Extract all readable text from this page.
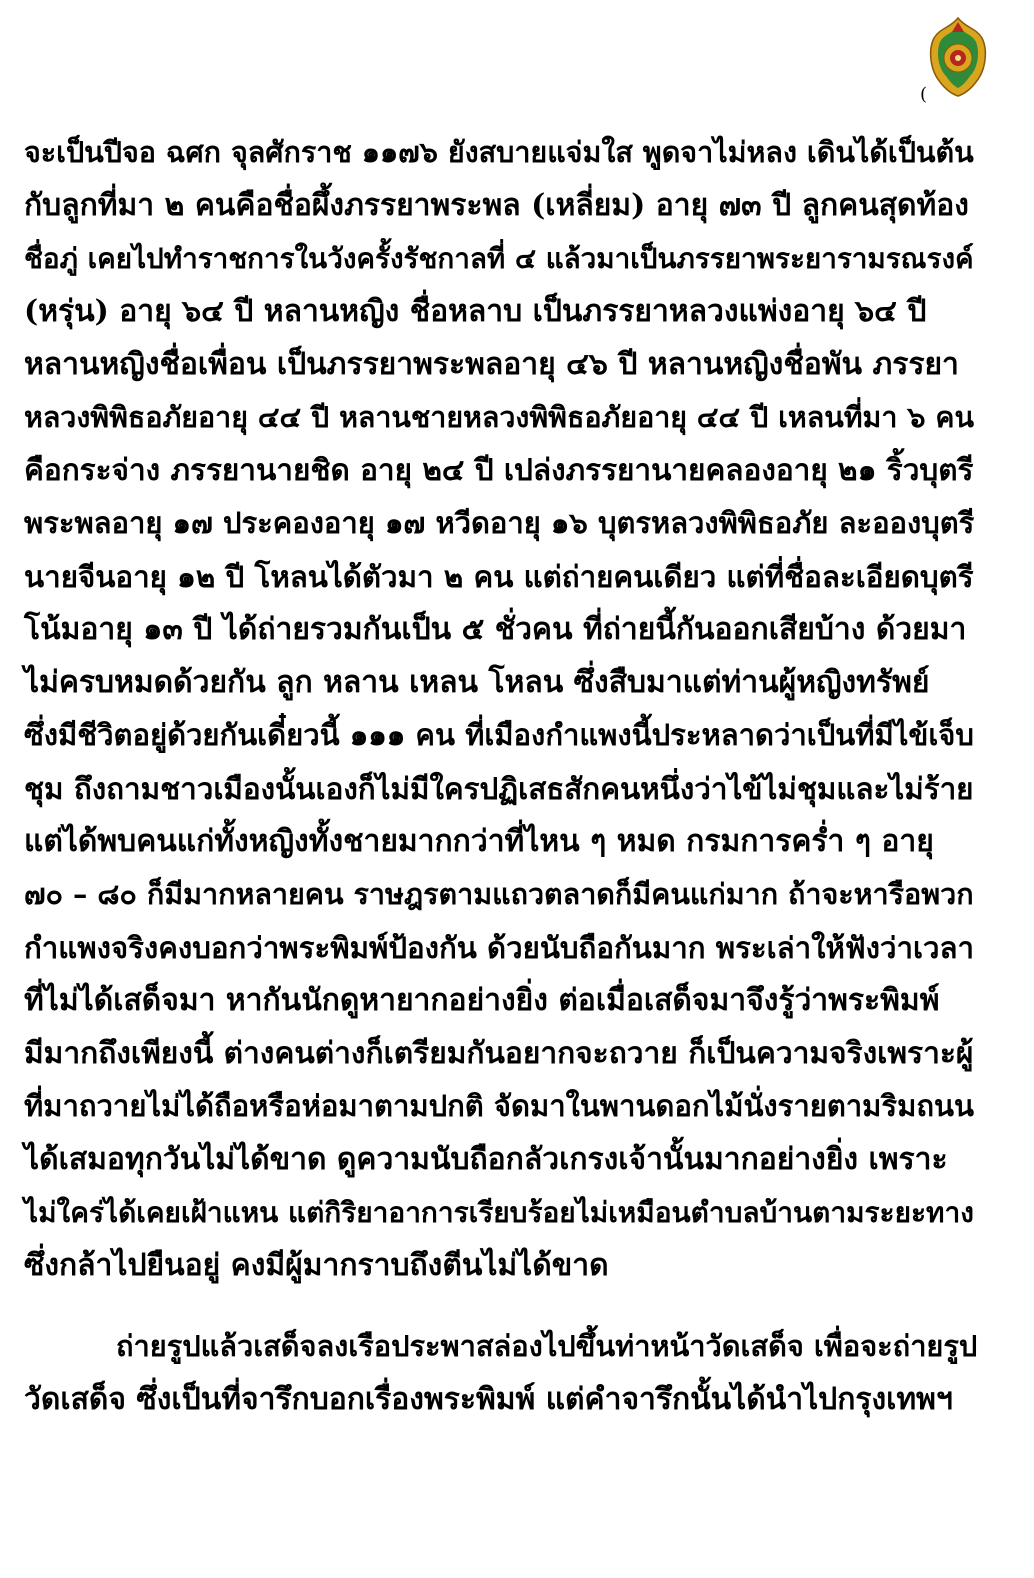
(
จะเป็นปีจอ ฉศก จุลศักราช ๑๑๗๖ ยังสบายแจ่มใส พูดจาไม่หลง เดินได้เป็นต้น
กับลูกที่มา ๒ คนคือชื่อผึ้งภรรยาพระพล (เหลี่ยม) อายุ ๗๓ ปี ลูกคนสุดท้อง
ชื่อภู่ เคยไปทำราชการในวังครั้งรัชกาลที่ ๔ แล้วมาเป็นภรรยาพระยารามรณรงค์
(หรุ่น) อายุ ๖๔ ปี หลานหญิง ชื่อหลาบ เป็นภรรยาหลวงแพ่งอายุ ๖๔ ปี
หลานหญิงชื่อเพื่อน เป็นภรรยาพระพลอายุ ๔๖ ปี หลานหญิงชื่อพัน ภรรยา
หลวงพิพิธอภัยอายุ ๔๔ ปี หลานชายหลวงพิพิธอภัยอายุ ๔๔ ปี เหลนที่มา ๖ คน
คือกระจ่าง ภรรยานายชิด อายุ ๒๔ ปี เปล่งภรรยานายคลองอายุ ๒๑ ริ้วบุตรี
พระพลอายุ ๑๗ ประคองอายุ ๑๗ หวีดอายุ ๑๖ บุตรหลวงพิพิธอภัย ละอองบุตรี
นายจีนอายุ ๑๒ ปี โหลนได้ตัวมา ๒ คน แต่ถ่ายคนเดียว แต่ที่ชื่อละเอียดบุตรี
โน้มอายุ ๑๓ ปี ได้ถ่ายรวมกันเป็น ๕ ชั่วคน ที่ถ่ายนี้กันออกเสียบ้าง ด้วยมา
ไม่ครบหมดด้วยกัน ลูก หลาน เหลน โหลน ซึ่งสืบมาแต่ท่านผู้หญิงทรัพย์
ซึ่งมีชีวิตอยู่ด้วยกันเดี๋ยวนี้ ๑๑๑ คน ที่เมืองกำแพงนี้ประหลาดว่าเป็นที่มีไข้เจ็บ
ชุม ถึงถามชาวเมืองนั้นเองก็ไม่มีใครปฏิเสธสักคนหนึ่งว่าไข้ไม่ชุมและไม่ร้าย
แต่ได้พบคนแก่ทั้งหญิงทั้งชายมากกว่าที่ไหน ๆ หมด กรมการคร่ำ ๆ อายุ
๗๐ – ๘๐ ก็มีมากหลายคน ราษฎรตามแถวตลาดก็มีคนแก่มาก ถ้าจะหารือพวก
กำแพงจริงคงบอกว่าพระพิมพ์ป้องกัน ด้วยนับถือกันมาก พระเล่าให้ฟังว่าเวลา
ที่ไม่ได้เสด็จมา หากันนักดูหายากอย่างยิ่ง ต่อเมื่อเสด็จมาจึงรู้ว่าพระพิมพ์
มีมากถึงเพียงนี้ ต่างคนต่างก็เตรียมกันอยากจะถวาย ก็เป็นความจริงเพราะผู้
ที่มาถวายไม่ได้ถือหรือห่อมาตามปกติ จัดมาในพานดอกไม้นั่งรายตามริมถนน
ได้เสมอทุกวันไม่ได้ขาด ดูความนับถือกลัวเกรงเจ้านั้นมากอย่างยิ่ง เพราะ
ไม่ใคร่ได้เคยเฝ้าแหน แต่กิริยาอาการเรียบร้อยไม่เหมือนตำบลบ้านตามระยะทาง
ซึ่งกล้าไปยืนอยู่ คงมีผู้มากราบถึงตีนไม่ได้ขาด
ถ่ายรูปแล้วเสด็จลงเรือประพาสล่องไปขึ้นท่าหน้าวัดเสด็จ เพื่อจะถ่ายรูป
วัดเสด็จ ซึ่งเป็นที่จารึกบอกเรื่องพระพิมพ์ แต่คำจารึกนั้นได้นำไปกรุงเทพฯ
